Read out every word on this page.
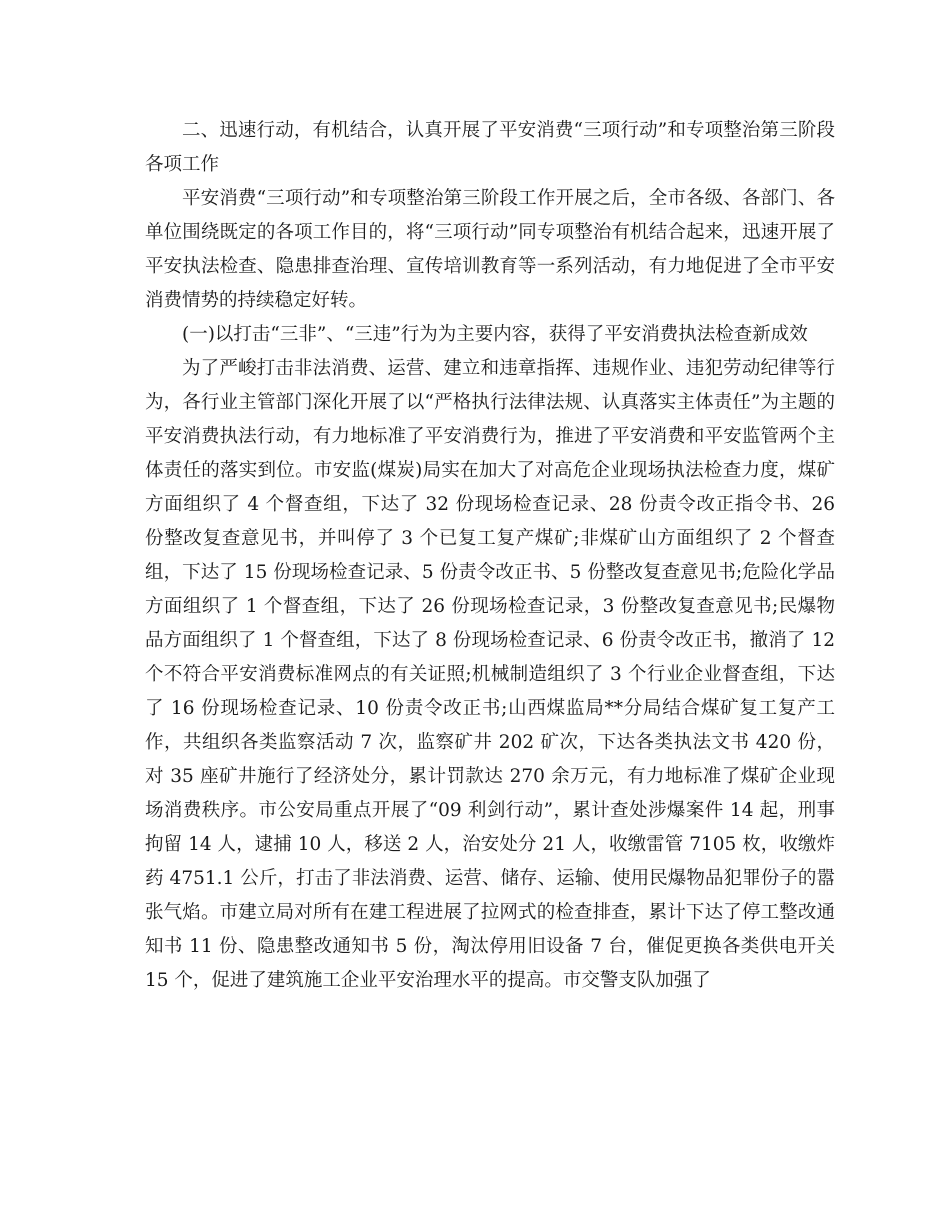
二、迅速行动，有机结合，认真开展了平安消费“三项行动”和专项整治第三阶段各项工作

平安消费“三项行动”和专项整治第三阶段工作开展之后，全市各级、各部门、各单位围绕既定的各项工作目的，将“三项行动”同专项整治有机结合起来，迅速开展了平安执法检查、隐患排查治理、宣传培训教育等一系列活动，有力地促进了全市平安消费情势的持续稳定好转。

(一)以打击“三非”、“三违”行为为主要内容，获得了平安消费执法检查新成效

为了严峻打击非法消费、运营、建立和违章指挥、违规作业、违犯劳动纪律等行为，各行业主管部门深化开展了以“严格执行法律法规、认真落实主体责任”为主题的平安消费执法行动，有力地标准了平安消费行为，推进了平安消费和平安监管两个主体责任的落实到位。市安监(煤炭)局实在加大了对高危企业现场执法检查力度，煤矿方面组织了 4 个督查组，下达了 32 份现场检查记录、28 份责令改正指令书、26 份整改复查意见书，并叫停了 3 个已复工复产煤矿;非煤矿山方面组织了 2 个督查组，下达了 15 份现场检查记录、5 份责令改正书、5 份整改复查意见书;危险化学品方面组织了 1 个督查组，下达了 26 份现场检查记录，3 份整改复查意见书;民爆物品方面组织了 1 个督查组，下达了 8 份现场检查记录、6 份责令改正书，撤消了 12 个不符合平安消费标准网点的有关证照;机械制造组织了 3 个行业企业督查组，下达了 16 份现场检查记录、10 份责令改正书;山西煤监局**分局结合煤矿复工复产工作，共组织各类监察活动 7 次，监察矿井 202 矿次，下达各类执法文书 420 份，对 35 座矿井施行了经济处分，累计罚款达 270 余万元，有力地标准了煤矿企业现场消费秩序。市公安局重点开展了“09 利剑行动”，累计查处涉爆案件 14 起，刑事拘留 14 人，逮捕 10 人，移送 2 人，治安处分 21 人，收缴雷管 7105 枚，收缴炸药 4751.1 公斤，打击了非法消费、运营、储存、运输、使用民爆物品犯罪份子的嚣张气焰。市建立局对所有在建工程进展了拉网式的检查排查，累计下达了停工整改通知书 11 份、隐患整改通知书 5 份，淘汰停用旧设备 7 台，催促更换各类供电开关 15 个，促进了建筑施工企业平安治理水平的提高。市交警支队加强了
